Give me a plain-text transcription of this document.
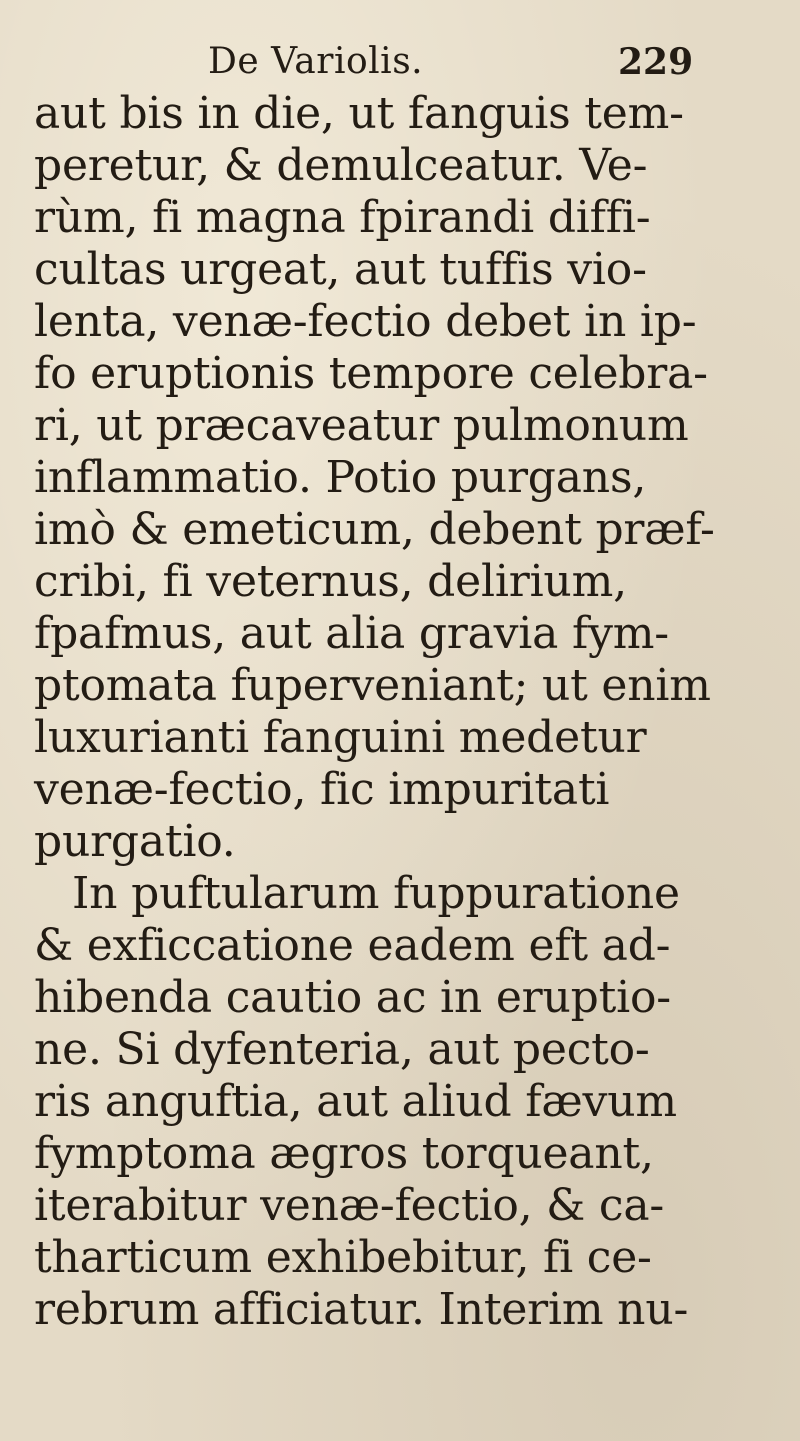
De Variolis.	229
aut bis in die, ut fanguis tem-
peretur, & demulceatur. Ve-
rùm, fi magna fpirandi diffi-
cultas urgeat, aut tuffis vio-
lenta, venæ-fectio debet in ip-
fo eruptionis tempore celebra-
ri, ut præcaveatur pulmonum
inflammatio. Potio purgans,
imò & emeticum, debent præf-
cribi, fi veternus, delirium,
fpafmus, aut alia gravia fym-
ptomata fuperveniant; ut enim
luxurianti fanguini medetur
venæ-fectio, fic impuritati
purgatio.
In puftularum fuppuratione
& exficcatione eadem eft ad-
hibenda cautio ac in eruptio-
ne. Si dyfenteria, aut pecto-
ris anguftia, aut aliud fævum
fymptoma ægros torqueant,
iterabitur venæ-fectio, & ca-
tharticum exhibebitur, fi ce-
rebrum afficiatur. Interim nu-
